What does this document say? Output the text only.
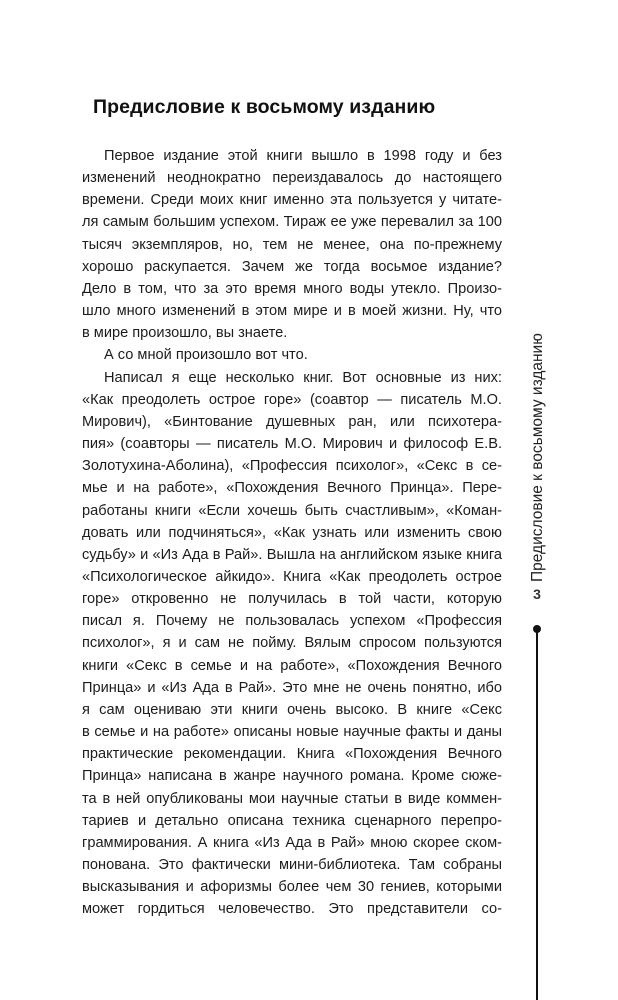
Предисловие к восьмому изданию
Первое издание этой книги вышло в 1998 году и без
изменений неоднократно переиздавалось до настоящего
времени. Среди моих книг именно эта пользуется у читате-
ля самым большим успехом. Тираж ее уже перевалил за 100
тысяч экземпляров, но, тем не менее, она по-прежнему
хорошо раскупается. Зачем же тогда восьмое издание?
Дело в том, что за это время много воды утекло. Произо-
шло много изменений в этом мире и в моей жизни. Ну, что
в мире произошло, вы знаете.
А со мной произошло вот что.
Написал я еще несколько книг. Вот основные из них:
«Как преодолеть острое горе» (соавтор — писатель М.О.
Мирович), «Бинтование душевных ран, или психотера-
пия» (соавторы — писатель М.О. Мирович и философ Е.В.
Золотухина-Аболина), «Профессия психолог», «Секс в се-
мье и на работе», «Похождения Вечного Принца». Пере-
работаны книги «Если хочешь быть счастливым», «Коман-
довать или подчиняться», «Как узнать или изменить свою
судьбу» и «Из Ада в Рай». Вышла на английском языке книга
«Психологическое айкидо». Книга «Как преодолеть острое
горе» откровенно не получилась в той части, которую
писал я. Почему не пользовалась успехом «Профессия
психолог», я и сам не пойму. Вялым спросом пользуются
книги «Секс в семье и на работе», «Похождения Вечного
Принца» и «Из Ада в Рай». Это мне не очень понятно, ибо
я сам оцениваю эти книги очень высоко. В книге «Секс
в семье и на работе» описаны новые научные факты и даны
практические рекомендации. Книга «Похождения Вечного
Принца» написана в жанре научного романа. Кроме сюже-
та в ней опубликованы мои научные статьи в виде коммен-
тариев и детально описана техника сценарного перепро-
граммирования. А книга «Из Ада в Рай» мною скорее ском-
понована. Это фактически мини-библиотека. Там собраны
высказывания и афоризмы более чем 30 гениев, которыми
может гордиться человечество. Это представители со-
Предисловие к восьмому изданию
3
